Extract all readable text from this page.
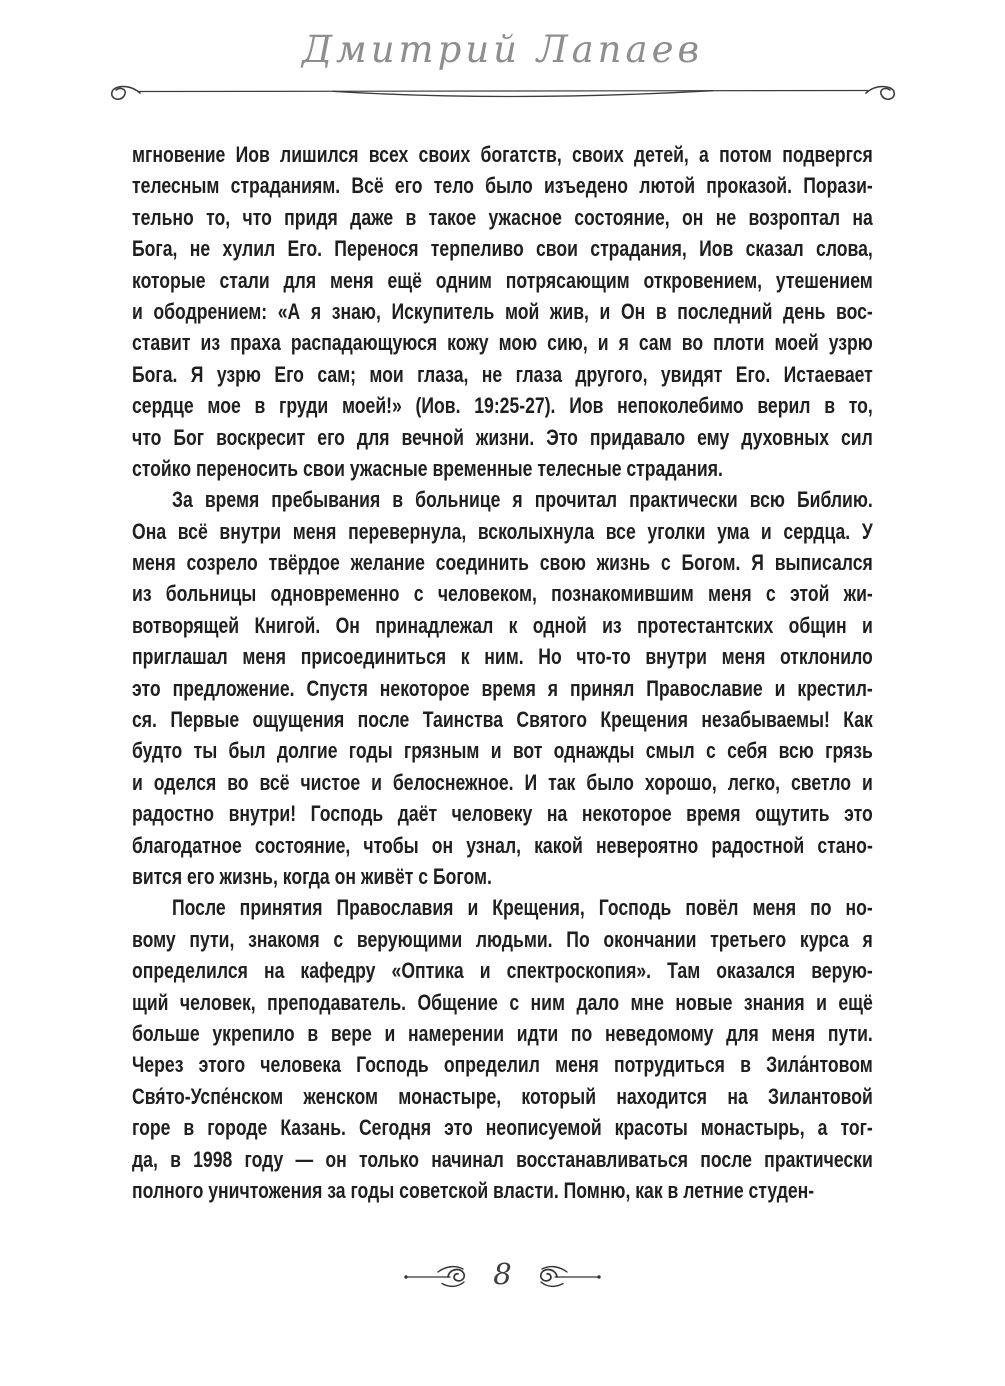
Дмитрий Лапаев
мгновение Иов лишился всех своих богатств, своих детей, а потом подвергся
телесным страданиям. Всё его тело было изъедено лютой проказой. Порази-
тельно то, что придя даже в такое ужасное состояние, он не возроптал на
Бога, не хулил Его. Перенося терпеливо свои страдания, Иов сказал слова,
которые стали для меня ещё одним потрясающим откровением, утешением
и ободрением: «А я знаю, Искупитель мой жив, и Он в последний день вос-
ставит из праха распадающуюся кожу мою сию, и я сам во плоти моей узрю
Бога. Я узрю Его сам; мои глаза, не глаза другого, увидят Его. Истаевает
сердце мое в груди моей!» (Иов. 19:25-27). Иов непоколебимо верил в то,
что Бог воскресит его для вечной жизни. Это придавало ему духовных сил
стойко переносить свои ужасные временные телесные страдания.
За время пребывания в больнице я прочитал практически всю Библию.
Она всё внутри меня перевернула, всколыхнула все уголки ума и сердца. У
меня созрело твёрдое желание соединить свою жизнь с Богом. Я выписался
из больницы одновременно с человеком, познакомившим меня с этой жи-
вотворящей Книгой. Он принадлежал к одной из протестантских общин и
приглашал меня присоединиться к ним. Но что-то внутри меня отклонило
это предложение. Спустя некоторое время я принял Православие и крестил-
ся. Первые ощущения после Таинства Святого Крещения незабываемы! Как
будто ты был долгие годы грязным и вот однажды смыл с себя всю грязь
и оделся во всё чистое и белоснежное. И так было хорошо, легко, светло и
радостно внутри! Господь даёт человеку на некоторое время ощутить это
благодатное состояние, чтобы он узнал, какой невероятно радостной стано-
вится его жизнь, когда он живёт с Богом.
После принятия Православия и Крещения, Господь повёл меня по но-
вому пути, знакомя с верующими людьми. По окончании третьего курса я
определился на кафедру «Оптика и спектроскопия». Там оказался верую-
щий человек, преподаватель. Общение с ним дало мне новые знания и ещё
больше укрепило в вере и намерении идти по неведомому для меня пути.
Через этого человека Господь определил меня потрудиться в Зила́нтовом
Свя́то-Успе́нском женском монастыре, который находится на Зилантовой
горе в городе Казань. Сегодня это неописуемой красоты монастырь, а тог-
да, в 1998 году — он только начинал восстанавливаться после практически
полного уничтожения за годы советской власти. Помню, как в летние студен-
8
